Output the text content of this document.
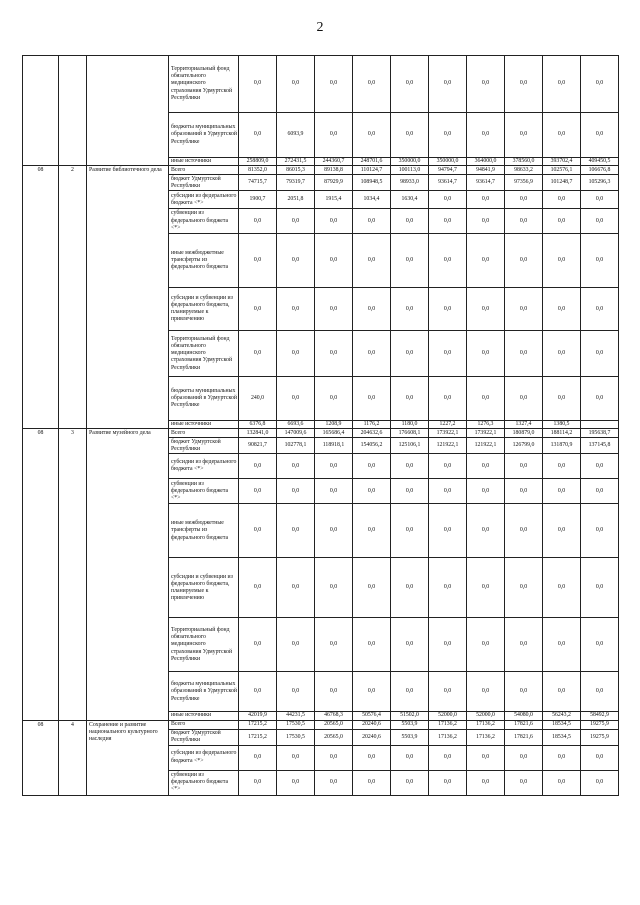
2
			Территориальный фонд обязательного медицинского страхования Удмуртской Республики	0,0	0,0	0,0	0,0	0,0	0,0	0,0	0,0	0,0	0,0
			бюджеты муниципальных образований в Удмуртской Республике	0,0	6093,9	0,0	0,0	0,0	0,0	0,0	0,0	0,0	0,0
			иные источники	258809,0	272431,5	244360,7	248701,6	350000,0	350000,0	364000,0	378560,0	393702,4	409450,5
08	2	Развитие библиотечного дела	Всего	81352,0	86015,3	89138,8	110124,7	100113,0	94794,7	94841,9	98633,2	102576,1	106676,8
			бюджет Удмуртской Республики	74715,7	79319,7	87929,9	108948,5	98933,0	93614,7	93614,7	97356,9	101248,7	105296,3
			субсидии из федерального бюджета <*>	1900,7	2051,8	1915,4	1034,4	1630,4	0,0	0,0	0,0	0,0	0,0
			субвенции из федерального бюджета <*>	0,0	0,0	0,0	0,0	0,0	0,0	0,0	0,0	0,0	0,0
			иные межбюджетные трансферты из федерального бюджета	0,0	0,0	0,0	0,0	0,0	0,0	0,0	0,0	0,0	0,0
			субсидии и субвенции из федерального бюджета, планируемые к привлечению	0,0	0,0	0,0	0,0	0,0	0,0	0,0	0,0	0,0	0,0
			Территориальный фонд обязательного медицинского страхования Удмуртской Республики	0,0	0,0	0,0	0,0	0,0	0,0	0,0	0,0	0,0	0,0
			бюджеты муниципальных образований в Удмуртской Республике	240,0	0,0	0,0	0,0	0,0	0,0	0,0	0,0	0,0	0,0
			иные источники	6376,8	6693,6	1208,9	1176,2	1180,0	1227,2	1276,3	1327,4	1380,5	
08	3	Развитие музейного дела	Всего	132841,0	147009,6	165686,4	204632,6	176608,1	173922,1	173922,1	180879,0	188114,2	195638,7
			бюджет Удмуртской Республики	90821,7	102778,1	118918,1	154056,2	125106,1	121922,1	121922,1	126799,0	131870,9	137145,8
			субсидии из федерального бюджета <*>	0,0	0,0	0,0	0,0	0,0	0,0	0,0	0,0	0,0	0,0
			субвенции из федерального бюджета <*>	0,0	0,0	0,0	0,0	0,0	0,0	0,0	0,0	0,0	0,0
			иные межбюджетные трансферты из федерального бюджета	0,0	0,0	0,0	0,0	0,0	0,0	0,0	0,0	0,0	0,0
			субсидии и субвенции из федерального бюджета, планируемые к привлечению	0,0	0,0	0,0	0,0	0,0	0,0	0,0	0,0	0,0	0,0
			Территориальный фонд обязательного медицинского страхования Удмуртской Республики	0,0	0,0	0,0	0,0	0,0	0,0	0,0	0,0	0,0	0,0
			бюджеты муниципальных образований в Удмуртской Республике	0,0	0,0	0,0	0,0	0,0	0,0	0,0	0,0	0,0	0,0
			иные источники	42019,9	44231,5	46768,3	50576,4	51502,0	52000,0	52000,0	54080,0	56243,2	58492,9
08	4	Сохранение и развитие национального культурного наследия	Всего	17215,2	17530,5	20565,0	20240,6	5503,9	17136,2	17136,2	17821,6	18534,5	19275,9
			бюджет Удмуртской Республики	17215,2	17530,5	20565,0	20240,6	5503,9	17136,2	17136,2	17821,6	18534,5	19275,9
			субсидии из федерального бюджета <*>	0,0	0,0	0,0	0,0	0,0	0,0	0,0	0,0	0,0	0,0
			субвенции из федерального бюджета <*>	0,0	0,0	0,0	0,0	0,0	0,0	0,0	0,0	0,0	0,0
